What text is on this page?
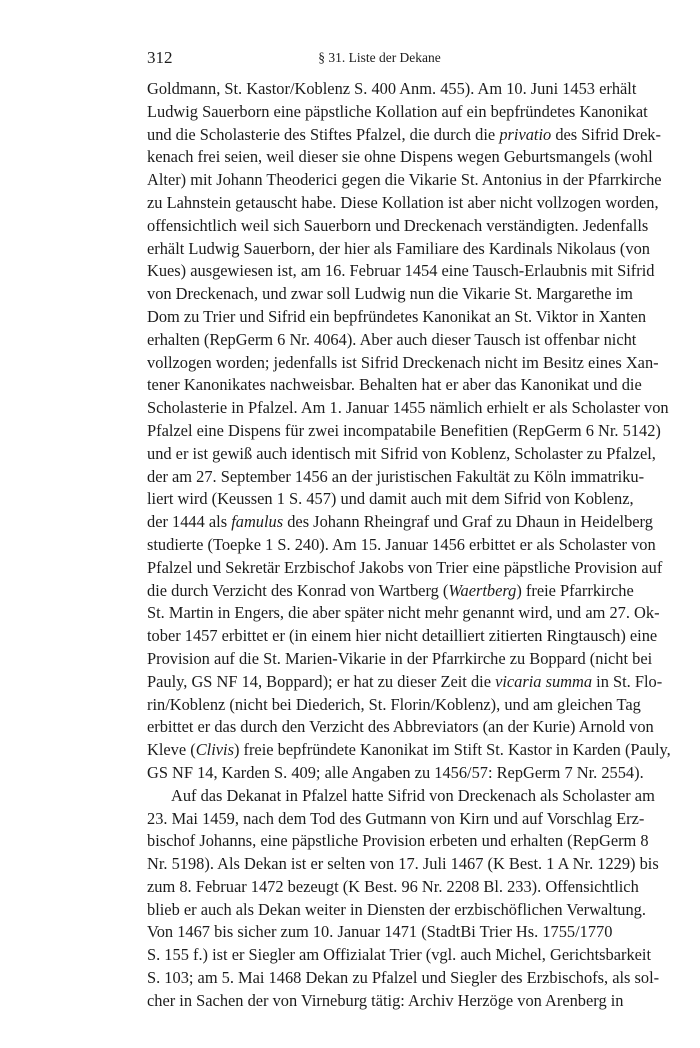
312	§ 31. Liste der Dekane
Goldmann, St. Kastor/Koblenz S. 400 Anm. 455). Am 10. Juni 1453 erhält
Ludwig Sauerborn eine päpstliche Kollation auf ein bepfründetes Kanonikat
und die Scholasterie des Stiftes Pfalzel, die durch die privatio des Sifrid Drek-
kenach frei seien, weil dieser sie ohne Dispens wegen Geburtsmangels (wohl
Alter) mit Johann Theoderici gegen die Vikarie St. Antonius in der Pfarrkirche
zu Lahnstein getauscht habe. Diese Kollation ist aber nicht vollzogen worden,
offensichtlich weil sich Sauerborn und Dreckenach verständigten. Jedenfalls
erhält Ludwig Sauerborn, der hier als Familiare des Kardinals Nikolaus (von
Kues) ausgewiesen ist, am 16. Februar 1454 eine Tausch-Erlaubnis mit Sifrid
von Dreckenach, und zwar soll Ludwig nun die Vikarie St. Margarethe im
Dom zu Trier und Sifrid ein bepfründetes Kanonikat an St. Viktor in Xanten
erhalten (RepGerm 6 Nr. 4064). Aber auch dieser Tausch ist offenbar nicht
vollzogen worden; jedenfalls ist Sifrid Dreckenach nicht im Besitz eines Xan-
tener Kanonikates nachweisbar. Behalten hat er aber das Kanonikat und die
Scholasterie in Pfalzel. Am 1. Januar 1455 nämlich erhielt er als Scholaster von
Pfalzel eine Dispens für zwei incompatabile Benefitien (RepGerm 6 Nr. 5142)
und er ist gewiß auch identisch mit Sifrid von Koblenz, Scholaster zu Pfalzel,
der am 27. September 1456 an der juristischen Fakultät zu Köln immatriku-
liert wird (Keussen 1 S. 457) und damit auch mit dem Sifrid von Koblenz,
der 1444 als famulus des Johann Rheingraf und Graf zu Dhaun in Heidelberg
studierte (Toepke 1 S. 240). Am 15. Januar 1456 erbittet er als Scholaster von
Pfalzel und Sekretär Erzbischof Jakobs von Trier eine päpstliche Provision auf
die durch Verzicht des Konrad von Wartberg (Waertberg) freie Pfarrkirche
St. Martin in Engers, die aber später nicht mehr genannt wird, und am 27. Ok-
tober 1457 erbittet er (in einem hier nicht detailliert zitierten Ringtausch) eine
Provision auf die St. Marien-Vikarie in der Pfarrkirche zu Boppard (nicht bei
Pauly, GS NF 14, Boppard); er hat zu dieser Zeit die vicaria summa in St. Flo-
rin/Koblenz (nicht bei Diederich, St. Florin/Koblenz), und am gleichen Tag
erbittet er das durch den Verzicht des Abbreviators (an der Kurie) Arnold von
Kleve (Clivis) freie bepfründete Kanonikat im Stift St. Kastor in Karden (Pauly,
GS NF 14, Karden S. 409; alle Angaben zu 1456/57: RepGerm 7 Nr. 2554).
Auf das Dekanat in Pfalzel hatte Sifrid von Dreckenach als Scholaster am
23. Mai 1459, nach dem Tod des Gutmann von Kirn und auf Vorschlag Erz-
bischof Johanns, eine päpstliche Provision erbeten und erhalten (RepGerm 8
Nr. 5198). Als Dekan ist er selten von 17. Juli 1467 (K Best. 1 A Nr. 1229) bis
zum 8. Februar 1472 bezeugt (K Best. 96 Nr. 2208 Bl. 233). Offensichtlich
blieb er auch als Dekan weiter in Diensten der erzbischöflichen Verwaltung.
Von 1467 bis sicher zum 10. Januar 1471 (StadtBi Trier Hs. 1755/1770
S. 155 f.) ist er Siegler am Offizialat Trier (vgl. auch Michel, Gerichtsbarkeit
S. 103; am 5. Mai 1468 Dekan zu Pfalzel und Siegler des Erzbischofs, als sol-
cher in Sachen der von Virneburg tätig: Archiv Herzöge von Arenberg in
